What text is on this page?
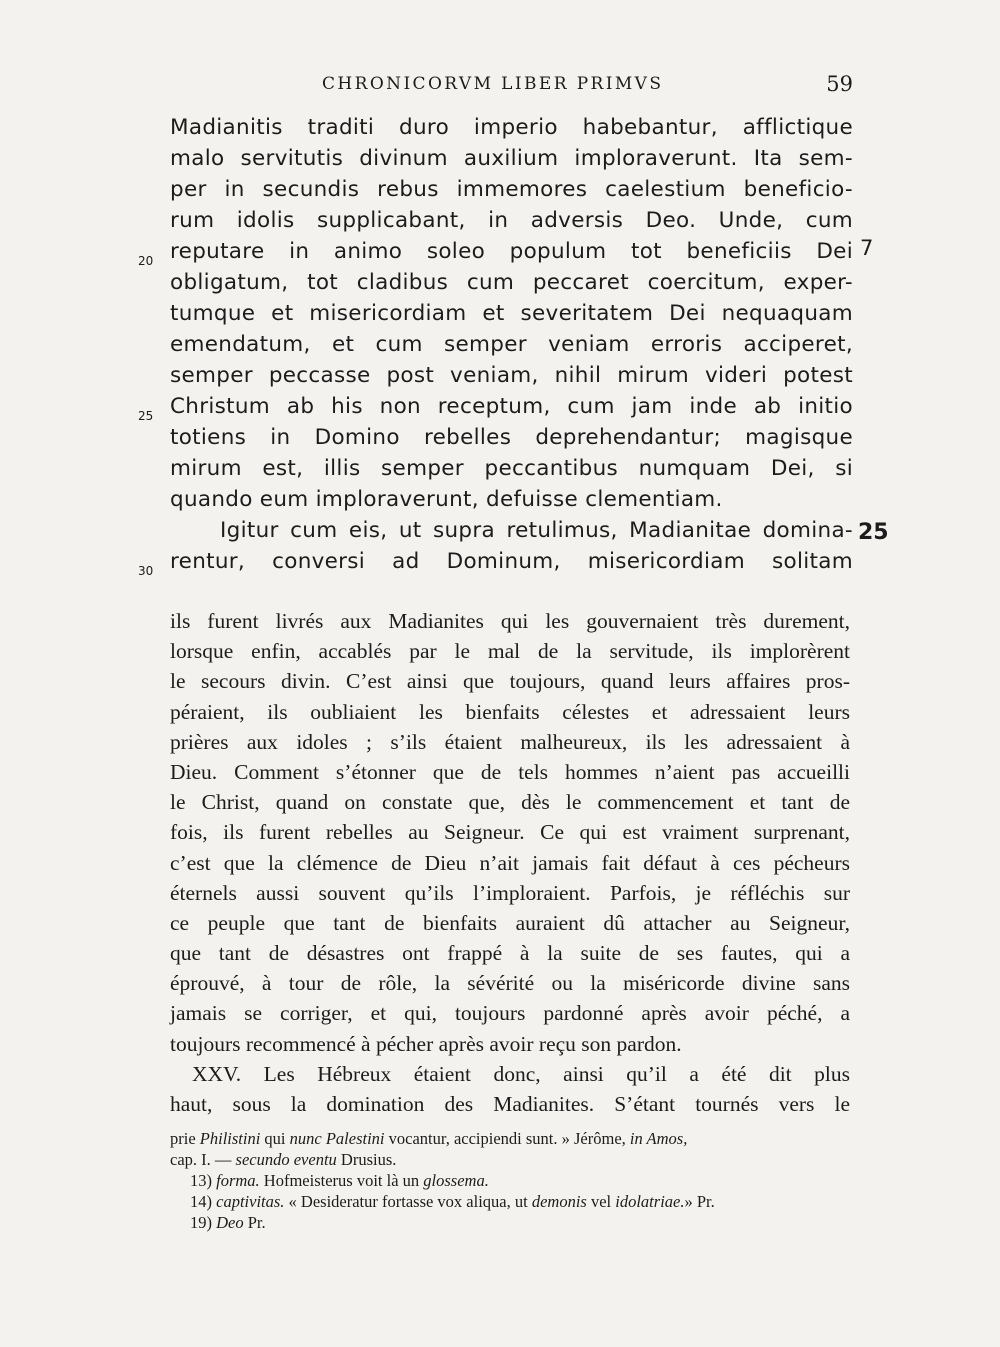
CHRONICORVM LIBER PRIMVS	59
20
25
30
7
25
Madianitis traditi duro imperio habebantur, afflictique
malo servitutis divinum auxilium imploraverunt. Ita sem-
per in secundis rebus immemores caelestium beneficio-
rum idolis supplicabant, in adversis Deo. Unde, cum
reputare in animo soleo populum tot beneficiis Dei
obligatum, tot cladibus cum peccaret coercitum, exper-
tumque et misericordiam et severitatem Dei nequaquam
emendatum, et cum semper veniam erroris acciperet,
semper peccasse post veniam, nihil mirum videri potest
Christum ab his non receptum, cum jam inde ab initio
totiens in Domino rebelles deprehendantur; magisque
mirum est, illis semper peccantibus numquam Dei, si
quando eum imploraverunt, defuisse clementiam.
Igitur cum eis, ut supra retulimus, Madianitae domina-
rentur, conversi ad Dominum, misericordiam solitam
ils furent livrés aux Madianites qui les gouvernaient très durement,
lorsque enfin, accablés par le mal de la servitude, ils implorèrent
le secours divin. C’est ainsi que toujours, quand leurs affaires pros-
péraient, ils oubliaient les bienfaits célestes et adressaient leurs
prières aux idoles ; s’ils étaient malheureux, ils les adressaient à
Dieu. Comment s’étonner que de tels hommes n’aient pas accueilli
le Christ, quand on constate que, dès le commencement et tant de
fois, ils furent rebelles au Seigneur. Ce qui est vraiment surprenant,
c’est que la clémence de Dieu n’ait jamais fait défaut à ces pécheurs
éternels aussi souvent qu’ils l’imploraient. Parfois, je réfléchis sur
ce peuple que tant de bienfaits auraient dû attacher au Seigneur,
que tant de désastres ont frappé à la suite de ses fautes, qui a
éprouvé, à tour de rôle, la sévérité ou la miséricorde divine sans
jamais se corriger, et qui, toujours pardonné après avoir péché, a
toujours recommencé à pécher après avoir reçu son pardon.
XXV. Les Hébreux étaient donc, ainsi qu’il a été dit plus
haut, sous la domination des Madianites. S’étant tournés vers le
prie Philistini qui nunc Palestini vocantur, accipiendi sunt. » Jérôme, in Amos,
cap. I. — secundo eventu Drusius.
13) forma. Hofmeisterus voit là un glossema.
14) captivitas. « Desideratur fortasse vox aliqua, ut demonis vel idolatriae.» Pr.
19) Deo Pr.
